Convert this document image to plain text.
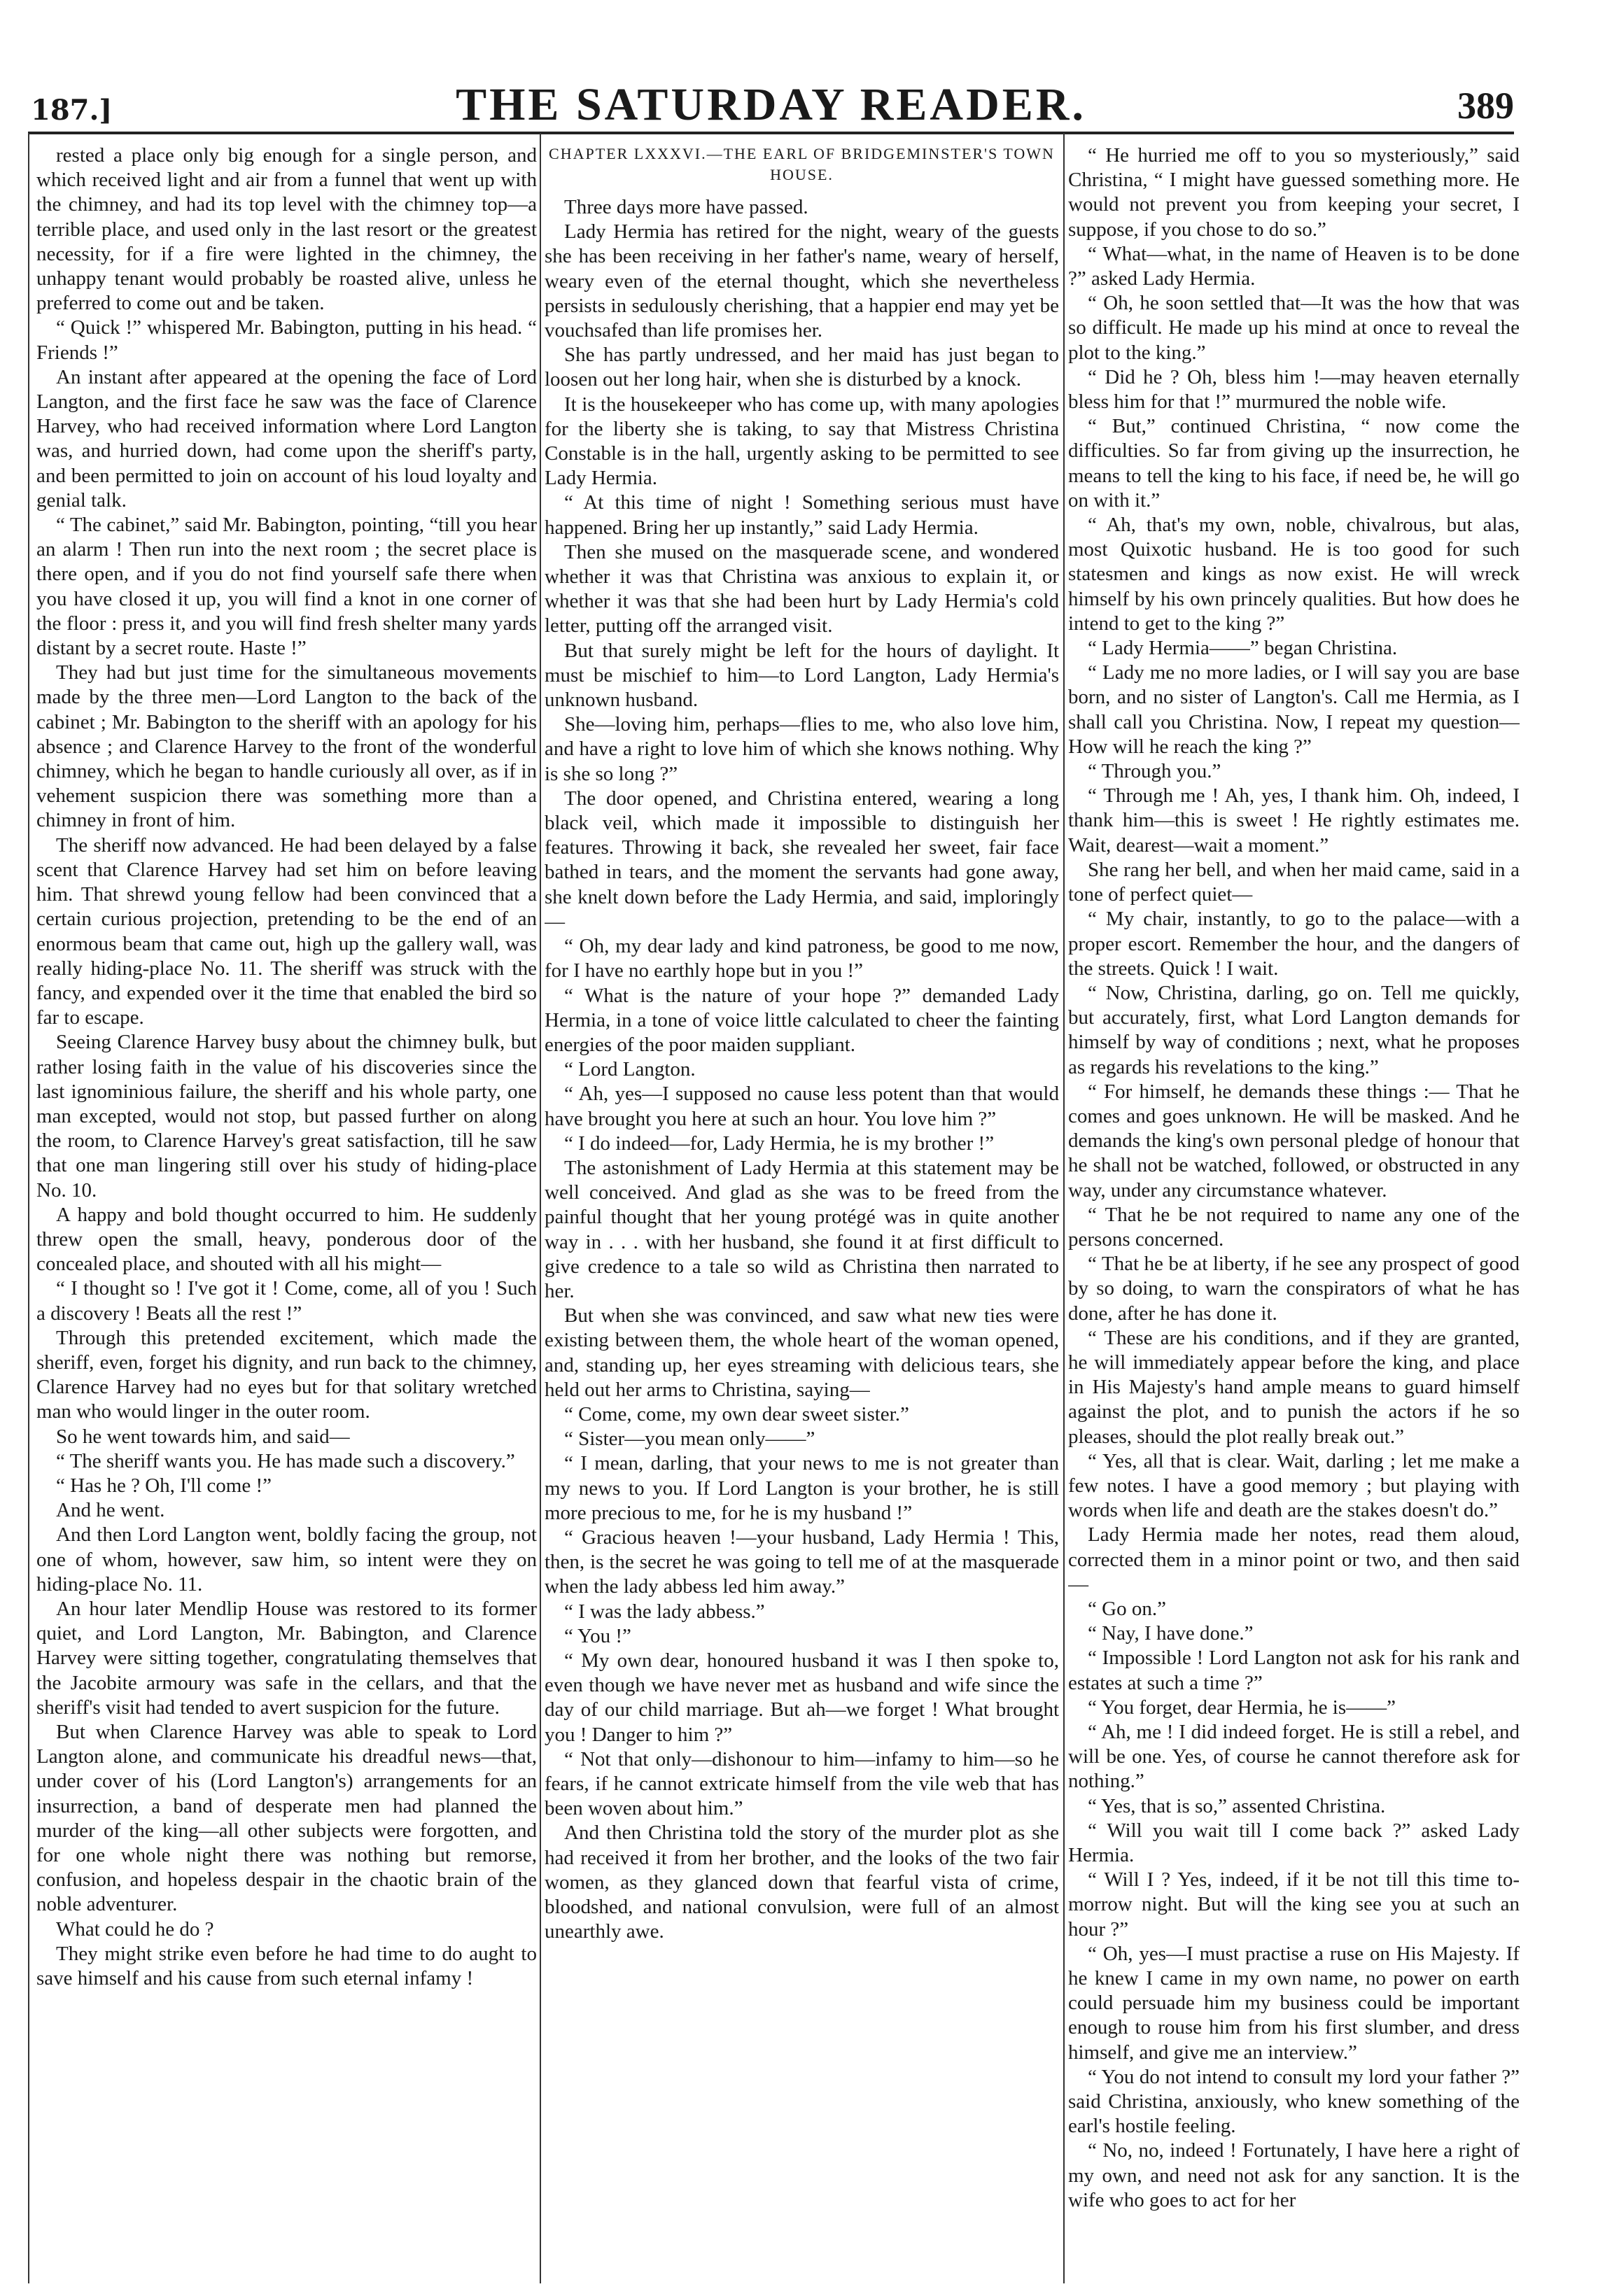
187.]	THE SATURDAY READER.	389

rested a place only big enough for a single person, and which received light and air from a funnel that went up with the chimney, and had its top level with the chimney top—a terrible place, and used only in the last resort or the greatest necessity, for if a fire were lighted in the chimney, the unhappy tenant would probably be roasted alive, unless he preferred to come out and be taken.

“ Quick !” whispered Mr. Babington, putting in his head. “ Friends !”

An instant after appeared at the opening the face of Lord Langton, and the first face he saw was the face of Clarence Harvey, who had received information where Lord Langton was, and hurried down, had come upon the sheriff's party, and been permitted to join on account of his loud loyalty and genial talk.

“ The cabinet,” said Mr. Babington, pointing, “till you hear an alarm ! Then run into the next room ; the secret place is there open, and if you do not find yourself safe there when you have closed it up, you will find a knot in one corner of the floor : press it, and you will find fresh shelter many yards distant by a secret route. Haste !”

They had but just time for the simultaneous movements made by the three men—Lord Langton to the back of the cabinet ; Mr. Babington to the sheriff with an apology for his absence ; and Clarence Harvey to the front of the wonderful chimney, which he began to handle curiously all over, as if in vehement suspicion there was something more than a chimney in front of him.

The sheriff now advanced. He had been delayed by a false scent that Clarence Harvey had set him on before leaving him. That shrewd young fellow had been convinced that a certain curious projection, pretending to be the end of an enormous beam that came out, high up the gallery wall, was really hiding-place No. 11. The sheriff was struck with the fancy, and expended over it the time that enabled the bird so far to escape.

Seeing Clarence Harvey busy about the chimney bulk, but rather losing faith in the value of his discoveries since the last ignominious failure, the sheriff and his whole party, one man excepted, would not stop, but passed further on along the room, to Clarence Harvey's great satisfaction, till he saw that one man lingering still over his study of hiding-place No. 10.

A happy and bold thought occurred to him. He suddenly threw open the small, heavy, ponderous door of the concealed place, and shouted with all his might—

“ I thought so ! I've got it ! Come, come, all of you ! Such a discovery ! Beats all the rest !”

Through this pretended excitement, which made the sheriff, even, forget his dignity, and run back to the chimney, Clarence Harvey had no eyes but for that solitary wretched man who would linger in the outer room.

So he went towards him, and said—

“ The sheriff wants you. He has made such a discovery.”

“ Has he ? Oh, I'll come !”

And he went.

And then Lord Langton went, boldly facing the group, not one of whom, however, saw him, so intent were they on hiding-place No. 11.

An hour later Mendlip House was restored to its former quiet, and Lord Langton, Mr. Babington, and Clarence Harvey were sitting together, congratulating themselves that the Jacobite armoury was safe in the cellars, and that the sheriff's visit had tended to avert suspicion for the future.

But when Clarence Harvey was able to speak to Lord Langton alone, and communicate his dreadful news—that, under cover of his (Lord Langton's) arrangements for an insurrection, a band of desperate men had planned the murder of the king—all other subjects were forgotten, and for one whole night there was nothing but remorse, confusion, and hopeless despair in the chaotic brain of the noble adventurer.

What could he do ?

They might strike even before he had time to do aught to save himself and his cause from such eternal infamy !

CHAPTER LXXXVI.—THE EARL OF BRIDGEMINSTER'S TOWN HOUSE.

Three days more have passed.

Lady Hermia has retired for the night, weary of the guests she has been receiving in her father's name, weary of herself, weary even of the eternal thought, which she nevertheless persists in sedulously cherishing, that a happier end may yet be vouchsafed than life promises her.

She has partly undressed, and her maid has just began to loosen out her long hair, when she is disturbed by a knock.

It is the housekeeper who has come up, with many apologies for the liberty she is taking, to say that Mistress Christina Constable is in the hall, urgently asking to be permitted to see Lady Hermia.

“ At this time of night ! Something serious must have happened. Bring her up instantly,” said Lady Hermia.

Then she mused on the masquerade scene, and wondered whether it was that Christina was anxious to explain it, or whether it was that she had been hurt by Lady Hermia's cold letter, putting off the arranged visit.

But that surely might be left for the hours of daylight. It must be mischief to him—to Lord Langton, Lady Hermia's unknown husband.

She—loving him, perhaps—flies to me, who also love him, and have a right to love him of which she knows nothing. Why is she so long ?”

The door opened, and Christina entered, wearing a long black veil, which made it impossible to distinguish her features. Throwing it back, she revealed her sweet, fair face bathed in tears, and the moment the servants had gone away, she knelt down before the Lady Hermia, and said, imploringly—

“ Oh, my dear lady and kind patroness, be good to me now, for I have no earthly hope but in you !”

“ What is the nature of your hope ?” demanded Lady Hermia, in a tone of voice little calculated to cheer the fainting energies of the poor maiden suppliant.

“ Lord Langton.

“ Ah, yes—I supposed no cause less potent than that would have brought you here at such an hour. You love him ?”

“ I do indeed—for, Lady Hermia, he is my brother !”

The astonishment of Lady Hermia at this statement may be well conceived. And glad as she was to be freed from the painful thought that her young protégé was in quite another way in . . . with her husband, she found it at first difficult to give credence to a tale so wild as Christina then narrated to her.

But when she was convinced, and saw what new ties were existing between them, the whole heart of the woman opened, and, standing up, her eyes streaming with delicious tears, she held out her arms to Christina, saying—

“ Come, come, my own dear sweet sister.”

“ Sister—you mean only——”

“ I mean, darling, that your news to me is not greater than my news to you. If Lord Langton is your brother, he is still more precious to me, for he is my husband !”

“ Gracious heaven !—your husband, Lady Hermia ! This, then, is the secret he was going to tell me of at the masquerade when the lady abbess led him away.”

“ I was the lady abbess.”

“ You !”

“ My own dear, honoured husband it was I then spoke to, even though we have never met as husband and wife since the day of our child marriage. But ah—we forget ! What brought you ! Danger to him ?”

“ Not that only—dishonour to him—infamy to him—so he fears, if he cannot extricate himself from the vile web that has been woven about him.”

And then Christina told the story of the murder plot as she had received it from her brother, and the looks of the two fair women, as they glanced down that fearful vista of crime, bloodshed, and national convulsion, were full of an almost unearthly awe.

“ He hurried me off to you so mysteriously,” said Christina, “ I might have guessed something more. He would not prevent you from keeping your secret, I suppose, if you chose to do so.”

“ What—what, in the name of Heaven is to be done ?” asked Lady Hermia.

“ Oh, he soon settled that—It was the how that was so difficult. He made up his mind at once to reveal the plot to the king.”

“ Did he ? Oh, bless him !—may heaven eternally bless him for that !” murmured the noble wife.

“ But,” continued Christina, “ now come the difficulties. So far from giving up the insurrection, he means to tell the king to his face, if need be, he will go on with it.”

“ Ah, that's my own, noble, chivalrous, but alas, most Quixotic husband. He is too good for such statesmen and kings as now exist. He will wreck himself by his own princely qualities. But how does he intend to get to the king ?”

“ Lady Hermia——” began Christina.

“ Lady me no more ladies, or I will say you are base born, and no sister of Langton's. Call me Hermia, as I shall call you Christina. Now, I repeat my question—How will he reach the king ?”

“ Through you.”

“ Through me ! Ah, yes, I thank him. Oh, indeed, I thank him—this is sweet ! He rightly estimates me. Wait, dearest—wait a moment.”

She rang her bell, and when her maid came, said in a tone of perfect quiet—

“ My chair, instantly, to go to the palace—with a proper escort. Remember the hour, and the dangers of the streets. Quick ! I wait.

“ Now, Christina, darling, go on. Tell me quickly, but accurately, first, what Lord Langton demands for himself by way of conditions ; next, what he proposes as regards his revelations to the king.”

“ For himself, he demands these things :— That he comes and goes unknown. He will be masked. And he demands the king's own personal pledge of honour that he shall not be watched, followed, or obstructed in any way, under any circumstance whatever.

“ That he be not required to name any one of the persons concerned.

“ That he be at liberty, if he see any prospect of good by so doing, to warn the conspirators of what he has done, after he has done it.

“ These are his conditions, and if they are granted, he will immediately appear before the king, and place in His Majesty's hand ample means to guard himself against the plot, and to punish the actors if he so pleases, should the plot really break out.”

“ Yes, all that is clear. Wait, darling ; let me make a few notes. I have a good memory ; but playing with words when life and death are the stakes doesn't do.”

Lady Hermia made her notes, read them aloud, corrected them in a minor point or two, and then said—

“ Go on.”

“ Nay, I have done.”

“ Impossible ! Lord Langton not ask for his rank and estates at such a time ?”

“ You forget, dear Hermia, he is——”

“ Ah, me ! I did indeed forget. He is still a rebel, and will be one. Yes, of course he cannot therefore ask for nothing.”

“ Yes, that is so,” assented Christina.

“ Will you wait till I come back ?” asked Lady Hermia.

“ Will I ? Yes, indeed, if it be not till this time to-morrow night. But will the king see you at such an hour ?”

“ Oh, yes—I must practise a ruse on His Majesty. If he knew I came in my own name, no power on earth could persuade him my business could be important enough to rouse him from his first slumber, and dress himself, and give me an interview.”

“ You do not intend to consult my lord your father ?” said Christina, anxiously, who knew something of the earl's hostile feeling.

“ No, no, indeed ! Fortunately, I have here a right of my own, and need not ask for any sanction. It is the wife who goes to act for her
